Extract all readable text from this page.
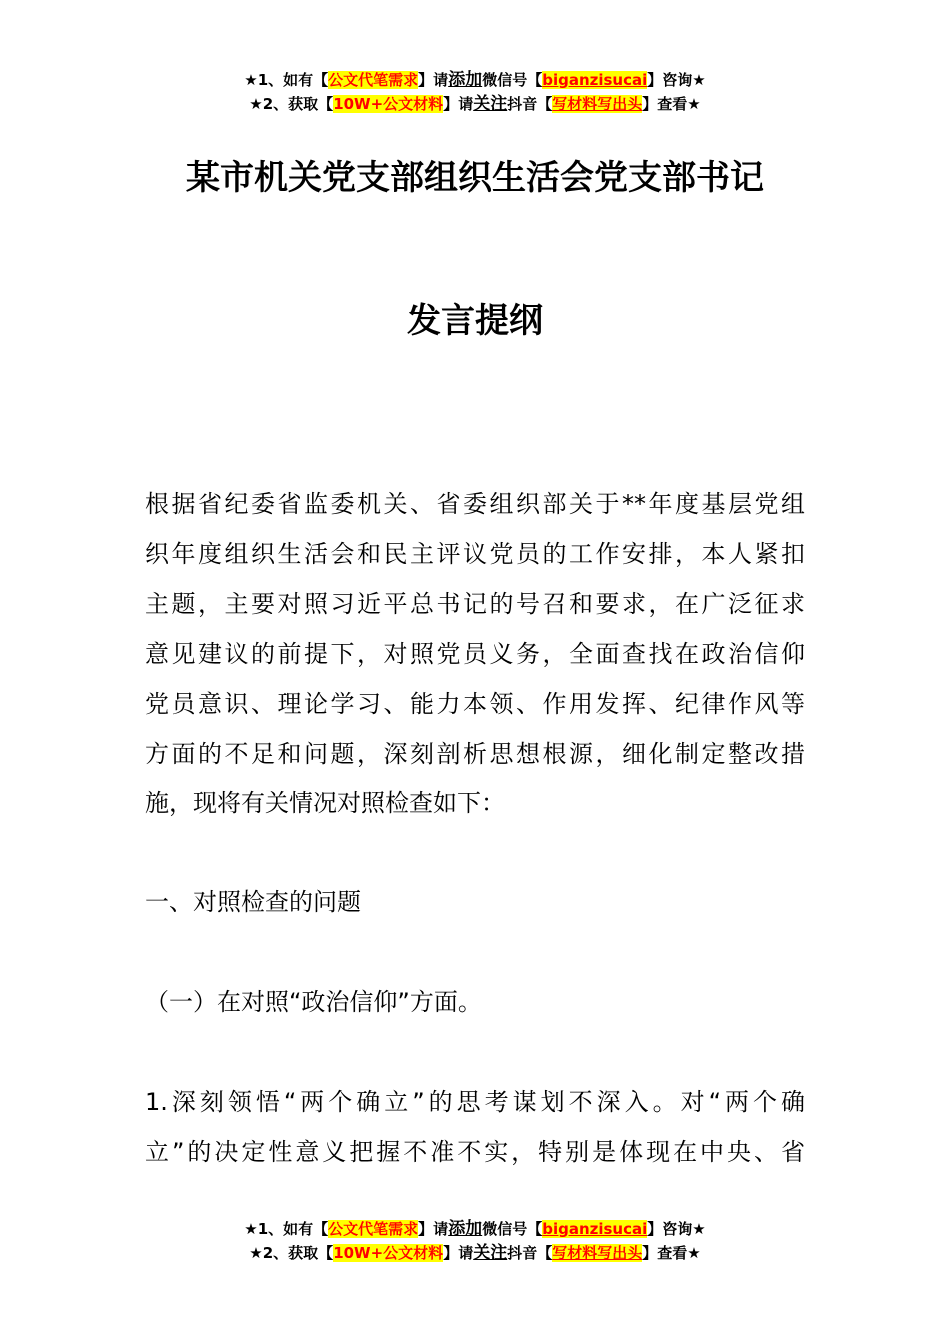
★1、如有【公文代笔需求】请添加微信号【biganzisucai】咨询★
★2、获取【10W+公文材料】请关注抖音【写材料写出头】查看★
某市机关党支部组织生活会党支部书记
发言提纲
根据省纪委省监委机关、省委组织部关于**年度基层党组
织年度组织生活会和民主评议党员的工作安排，本人紧扣
主题，主要对照习近平总书记的号召和要求，在广泛征求
意见建议的前提下，对照党员义务，全面查找在政治信仰
党员意识、理论学习、能力本领、作用发挥、纪律作风等
方面的不足和问题，深刻剖析思想根源，细化制定整改措
施，现将有关情况对照检查如下：
一、对照检查的问题
（一）在对照“政治信仰”方面。
1.深刻领悟“两个确立”的思考谋划不深入。对“两个确
立”的决定性意义把握不准不实，特别是体现在中央、省
★1、如有【公文代笔需求】请添加微信号【biganzisucai】咨询★
★2、获取【10W+公文材料】请关注抖音【写材料写出头】查看★
